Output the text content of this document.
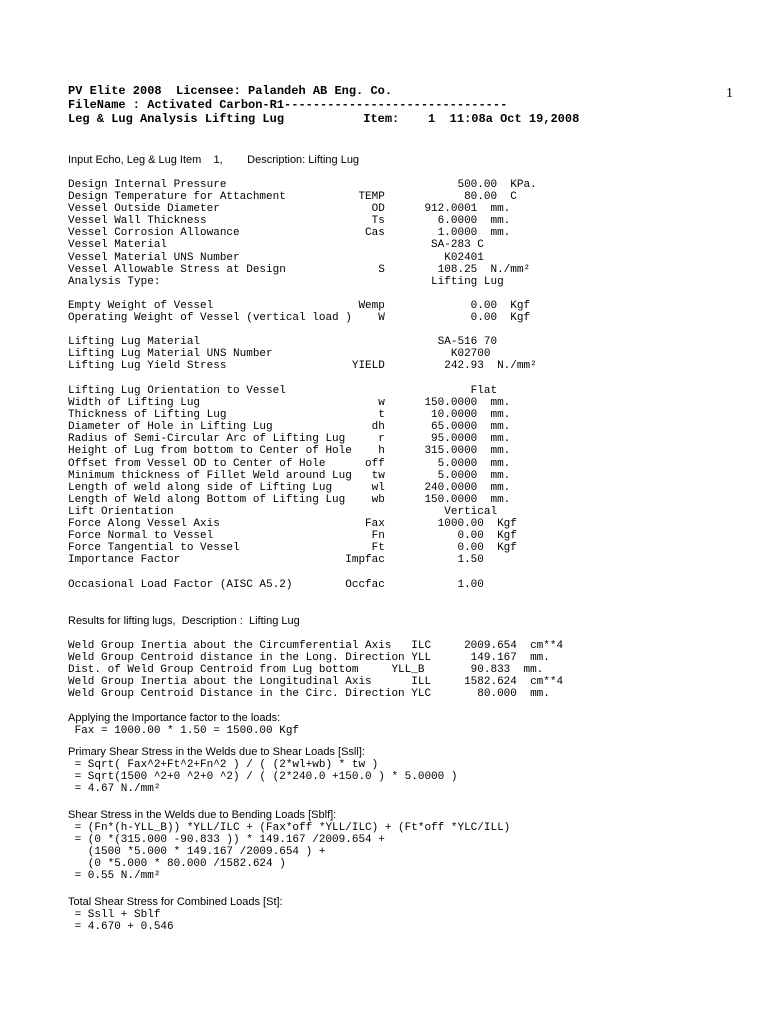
PV Elite 2008  Licensee: Palandeh AB Eng. Co.
FileName : Activated Carbon-R1-------------------------------
Leg & Lug Analysis Lifting Lug           Item:    1  11:08a Oct 19,2008
1
Input Echo, Leg & Lug Item    1,        Description: Lifting Lug
Design Internal Pressure                                   500.00  KPa.
Design Temperature for Attachment           TEMP            80.00  C
Vessel Outside Diameter                       OD      912.0001  mm.
Vessel Wall Thickness                         Ts        6.0000  mm.
Vessel Corrosion Allowance                   Cas        1.0000  mm.
Vessel Material                                        SA-283 C
Vessel Material UNS Number                               K02401
Vessel Allowable Stress at Design              S        108.25  N./mm²
Analysis Type:                                         Lifting Lug
Empty Weight of Vessel                      Wemp             0.00  Kgf
Operating Weight of Vessel (vertical load )    W             0.00  Kgf
Lifting Lug Material                                    SA-516 70
Lifting Lug Material UNS Number                           K02700
Lifting Lug Yield Stress                   YIELD         242.93  N./mm²
Lifting Lug Orientation to Vessel                            Flat
Width of Lifting Lug                           w      150.0000  mm.
Thickness of Lifting Lug                       t       10.0000  mm.
Diameter of Hole in Lifting Lug               dh       65.0000  mm.
Radius of Semi-Circular Arc of Lifting Lug     r       95.0000  mm.
Height of Lug from bottom to Center of Hole    h      315.0000  mm.
Offset from Vessel OD to Center of Hole      off        5.0000  mm.
Minimum thickness of Fillet Weld around Lug   tw        5.0000  mm.
Length of weld along side of Lifting Lug      wl      240.0000  mm.
Length of Weld along Bottom of Lifting Lug    wb      150.0000  mm.
Lift Orientation                                         Vertical
Force Along Vessel Axis                      Fax        1000.00  Kgf
Force Normal to Vessel                        Fn           0.00  Kgf
Force Tangential to Vessel                    Ft           0.00  Kgf
Importance Factor                         Impfac           1.50
Occasional Load Factor (AISC A5.2)        Occfac           1.00
Results for lifting lugs,  Description :  Lifting Lug
Weld Group Inertia about the Circumferential Axis   ILC     2009.654  cm**4
Weld Group Centroid distance in the Long. Direction YLL      149.167  mm.
Dist. of Weld Group Centroid from Lug bottom     YLL_B       90.833  mm.
Weld Group Inertia about the Longitudinal Axis      ILL     1582.624  cm**4
Weld Group Centroid Distance in the Circ. Direction YLC       80.000  mm.
Applying the Importance factor to the loads:
Fax = 1000.00 * 1.50 = 1500.00 Kgf
Primary Shear Stress in the Welds due to Shear Loads [Ssll]:
= Sqrt( Fax^2+Ft^2+Fn^2 ) / ( (2*wl+wb) * tw )
= Sqrt(1500 ^2+0 ^2+0 ^2) / ( (2*240.0 +150.0 ) * 5.0000 )
= 4.67 N./mm²
Shear Stress in the Welds due to Bending Loads [Sblf]:
= (Fn*(h-YLL_B)) *YLL/ILC + (Fax*off *YLL/ILC) + (Ft*off *YLC/ILL)
= (0 *(315.000 -90.833 )) * 149.167 /2009.654 +
(1500 *5.000 * 149.167 /2009.654 ) +
(0 *5.000 * 80.000 /1582.624 )
= 0.55 N./mm²
Total Shear Stress for Combined Loads [St]:
= Ssll + Sblf
= 4.670 + 0.546
